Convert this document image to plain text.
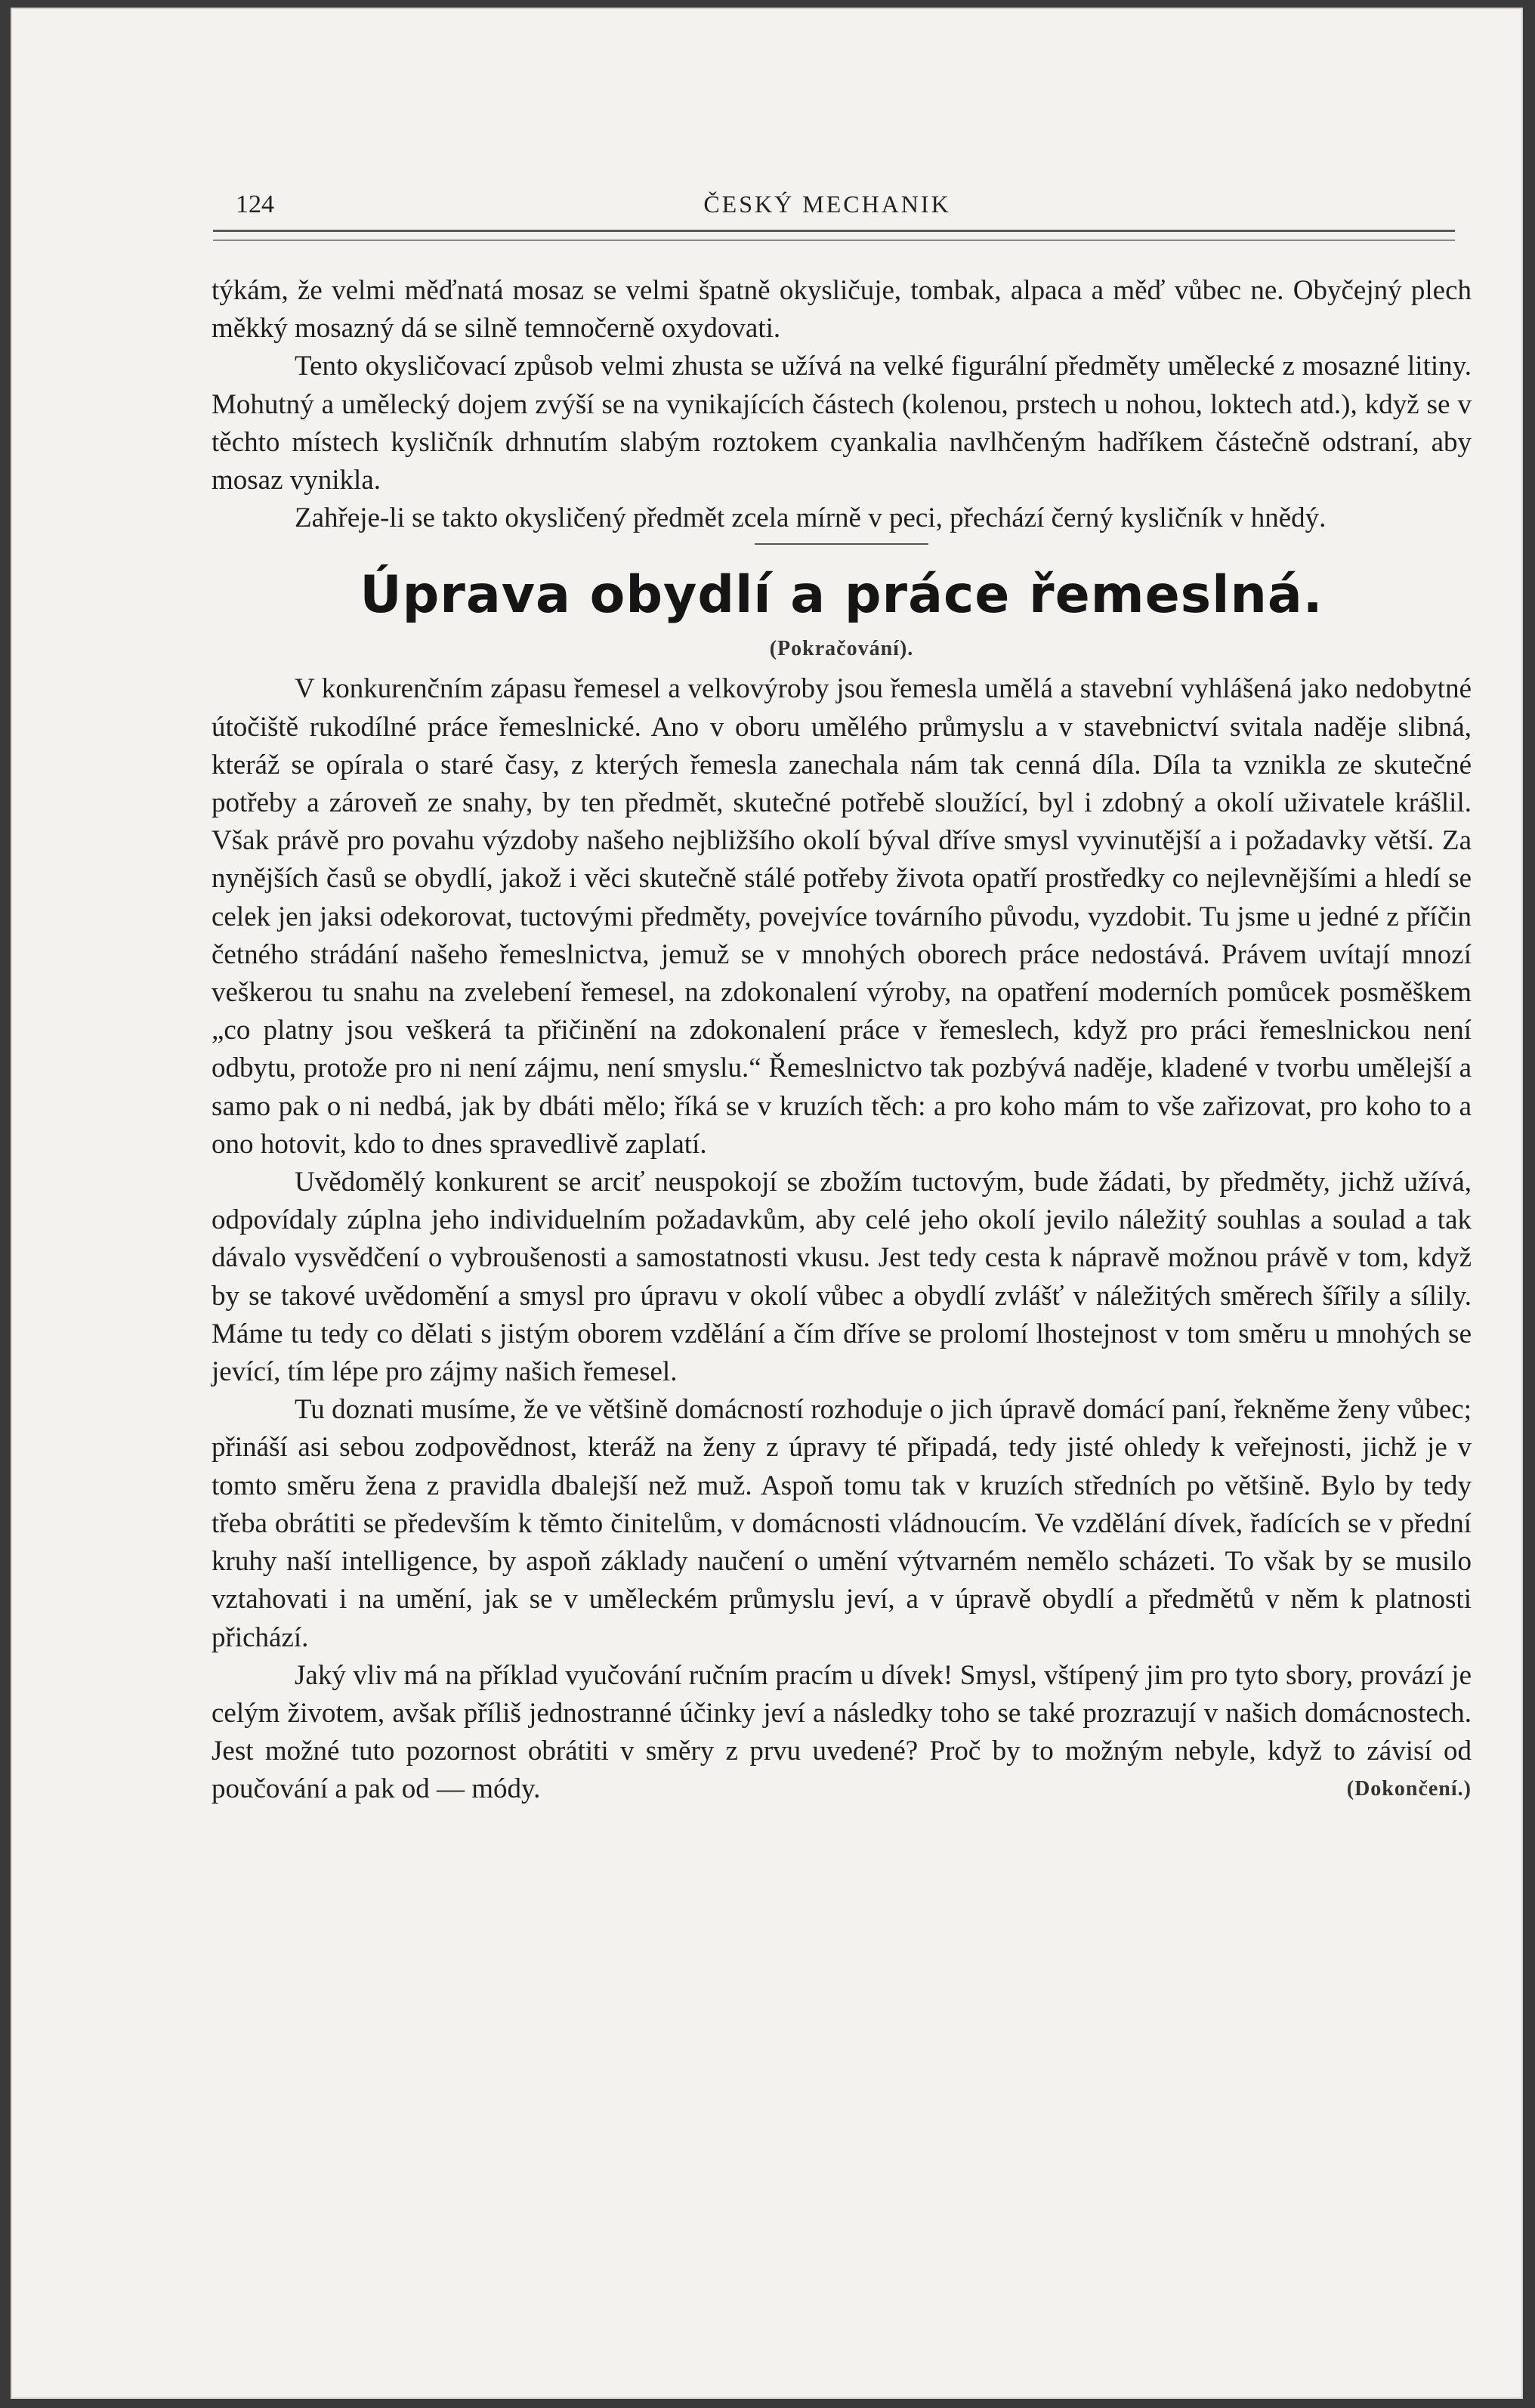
124	ČESKÝ MECHANIK

týkám, že velmi měďnatá mosaz se velmi špatně okysličuje, tombak, alpaca a měď vůbec ne. Obyčejný plech měkký mosazný dá se silně temnočerně oxydovati.

Tento okysličovací způsob velmi zhusta se užívá na velké figurální předměty umělecké z mosazné litiny. Mohutný a umělecký dojem zvýší se na vynikajících částech (kolenou, prstech u nohou, loktech atd.), když se v těchto místech kysličník drhnutím slabým roztokem cyankalia navlhčeným hadříkem částečně odstraní, aby mosaz vynikla.

Zahřeje-li se takto okysličený předmět zcela mírně v peci, přechází černý kysličník v hnědý.

Úprava obydlí a práce řemeslná.
(Pokračování).

V konkurenčním zápasu řemesel a velkovýroby jsou řemesla umělá a stavební vyhlášená jako nedobytné útočiště rukodílné práce řemeslnické. Ano v oboru umělého průmyslu a v stavebnictví svitala naděje slibná, kteráž se opírala o staré časy, z kterých řemesla zanechala nám tak cenná díla. Díla ta vznikla ze skutečné potřeby a zároveň ze snahy, by ten předmět, skutečné potřebě sloužící, byl i zdobný a okolí uživatele krášlil. Však právě pro povahu výzdoby našeho nejbližšího okolí býval dříve smysl vyvinutější a i požadavky větší. Za nynějších časů se obydlí, jakož i věci skutečně stálé potřeby života opatří prostředky co nejlevnějšími a hledí se celek jen jaksi odekorovat, tuctovými předměty, povejvíce továrního původu, vyzdobit. Tu jsme u jedné z příčin četného strádání našeho řemeslnictva, jemuž se v mnohých oborech práce nedostává. Právem uvítají mnozí veškerou tu snahu na zvelebení řemesel, na zdokonalení výroby, na opatření moderních pomůcek posměškem „co platny jsou veškerá ta přičinění na zdokonalení práce v řemeslech, když pro práci řemeslnickou není odbytu, protože pro ni není zájmu, není smyslu.“ Řemeslnictvo tak pozbývá naděje, kladené v tvorbu umělejší a samo pak o ni nedbá, jak by dbáti mělo; říká se v kruzích těch: a pro koho mám to vše zařizovat, pro koho to a ono hotovit, kdo to dnes spravedlivě zaplatí.

Uvědomělý konkurent se arciť neuspokojí se zbožím tuctovým, bude žádati, by předměty, jichž užívá, odpovídaly zúplna jeho individuelním požadavkům, aby celé jeho okolí jevilo náležitý souhlas a soulad a tak dávalo vysvědčení o vybroušenosti a samostatnosti vkusu. Jest tedy cesta k nápravě možnou právě v tom, když by se takové uvědomění a smysl pro úpravu v okolí vůbec a obydlí zvlášť v náležitých směrech šířily a sílily. Máme tu tedy co dělati s jistým oborem vzdělání a čím dříve se prolomí lhostejnost v tom směru u mnohých se jevící, tím lépe pro zájmy našich řemesel.

Tu doznati musíme, že ve většině domácností rozhoduje o jich úpravě domácí paní, řekněme ženy vůbec; přináší asi sebou zodpovědnost, kteráž na ženy z úpravy té připadá, tedy jisté ohledy k veřejnosti, jichž je v tomto směru žena z pravidla dbalejší než muž. Aspoň tomu tak v kruzích středních po většině. Bylo by tedy třeba obrátiti se především k těmto činitelům, v domácnosti vládnoucím. Ve vzdělání dívek, řadících se v přední kruhy naší intelligence, by aspoň základy naučení o umění výtvarném nemělo scházeti. To však by se musilo vztahovati i na umění, jak se v uměleckém průmyslu jeví, a v úpravě obydlí a předmětů v něm k platnosti přichází.

Jaký vliv má na příklad vyučování ručním pracím u dívek! Smysl, vštípený jim pro tyto sbory, provází je celým životem, avšak příliš jednostranné účinky jeví a následky toho se také prozrazují v našich domácnostech. Jest možné tuto pozornost obrátiti v směry z prvu uvedené? Proč by to možným nebyle, když to závisí od poučování a pak od — módy.	(Dokončení.)
